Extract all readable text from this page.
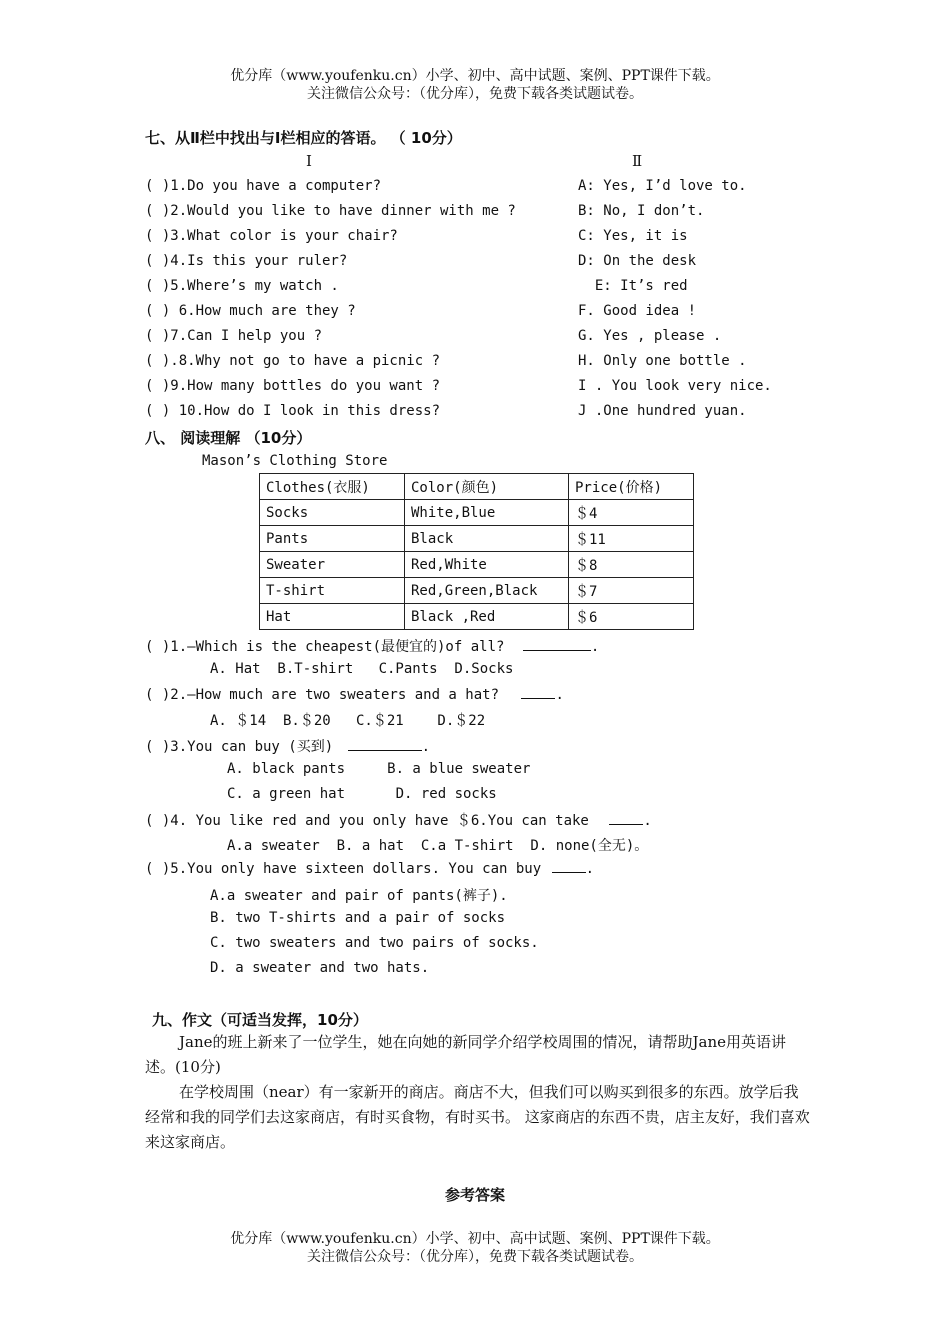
优分库（www.youfenku.cn）小学、初中、高中试题、案例、PPT课件下载。
关注微信公众号：（优分库），免费下载各类试题试卷。
七、从Ⅱ栏中找出与Ⅰ栏相应的答语。 （ 10分）
Ⅰ	Ⅱ
( )1.Do you have a computer?
( )2.Would you like to have dinner with me ?
( )3.What color is your chair?
( )4.Is this your ruler?
( )5.Where’s my watch .
( ) 6.How much are they ?
( )7.Can I help you ?
( ).8.Why not go to have a picnic ?
( )9.How many bottles do you want ?
( ) 10.How do I look in this dress?
A: Yes, I’d love to.
B: No, I don’t.
C: Yes, it is
D: On the desk
E: It’s red
F. Good idea !
G. Yes , please .
H. Only one bottle .
I . You look very nice.
J .One hundred yuan.
八、 阅读理解 （10分）
Mason’s Clothing Store
Clothes(衣服)	Color(颜色)	Price(价格)
Socks	White,Blue	＄4
Pants	Black	＄11
Sweater	Red,White	＄8
T-shirt	Red,Green,Black	＄7
Hat	Black ,Red	＄6
( )1.—Which is the cheapest(最便宜的)of all?	.
A. Hat  B.T-shirt   C.Pants  D.Socks
( )2.—How much are two sweaters and a hat?	.
A. ＄14  B.＄20   C.＄21    D.＄22
( )3.You can buy (买到)	.
A. black pants     B. a blue sweater
C. a green hat      D. red socks
( )4. You like red and you only have ＄6.You can take	.
A.a sweater  B. a hat  C.a T-shirt  D. none(全无)。
( )5.You only have sixteen dollars. You can buy	.
A.a sweater and pair of pants(裤子).
B. two T-shirts and a pair of socks
C. two sweaters and two pairs of socks.
D. a sweater and two hats.
九、作文（可适当发挥，10分）
Jane的班上新来了一位学生，她在向她的新同学介绍学校周围的情况，请帮助Jane用英语讲述。(10分)
在学校周围（near）有一家新开的商店。商店不大，但我们可以购买到很多的东西。放学后我经常和我的同学们去这家商店，有时买食物，有时买书。 这家商店的东西不贵，店主友好，我们喜欢来这家商店。
参考答案
优分库（www.youfenku.cn）小学、初中、高中试题、案例、PPT课件下载。
关注微信公众号：（优分库），免费下载各类试题试卷。
